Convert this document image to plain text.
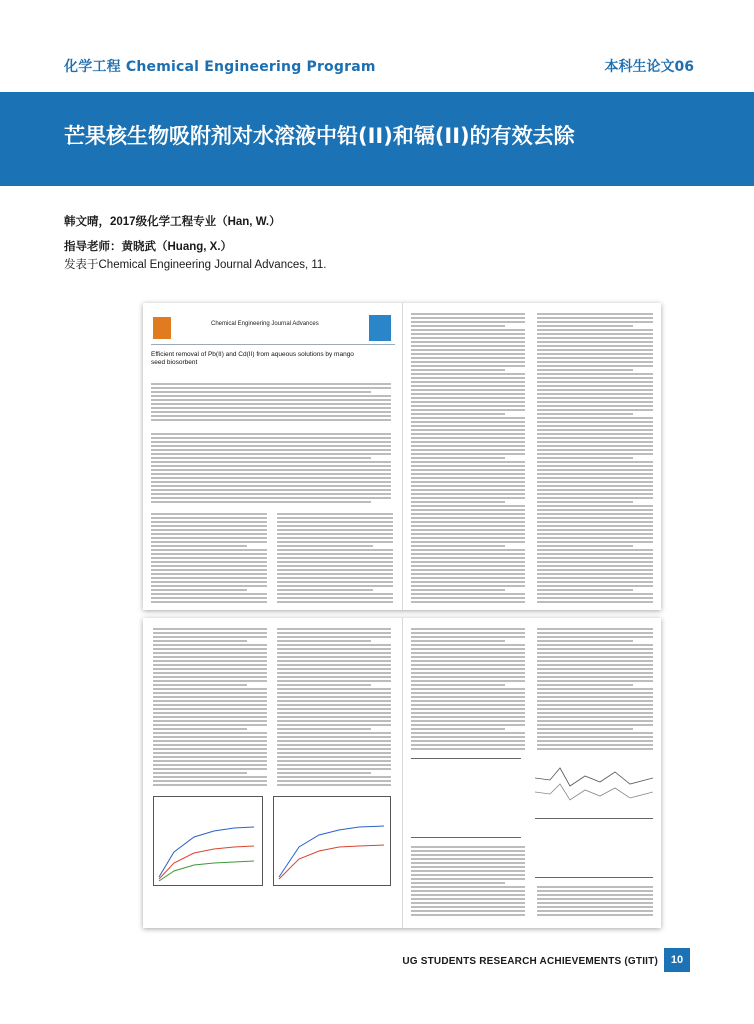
化学工程 Chemical Engineering Program	本科生论文06
芒果核生物吸附剂对水溶液中铅(II)和镉(II)的有效去除
韩文晴，2017级化学工程专业（Han, W.）
指导老师：黄晓武（Huang, X.）
发表于Chemical Engineering Journal Advances, 11.
Chemical Engineering Journal Advances
Efficient removal of Pb(II) and Cd(II) from aqueous solutions by mango seed biosorbent
UG STUDENTS RESEARCH ACHIEVEMENTS (GTIIT)	10
